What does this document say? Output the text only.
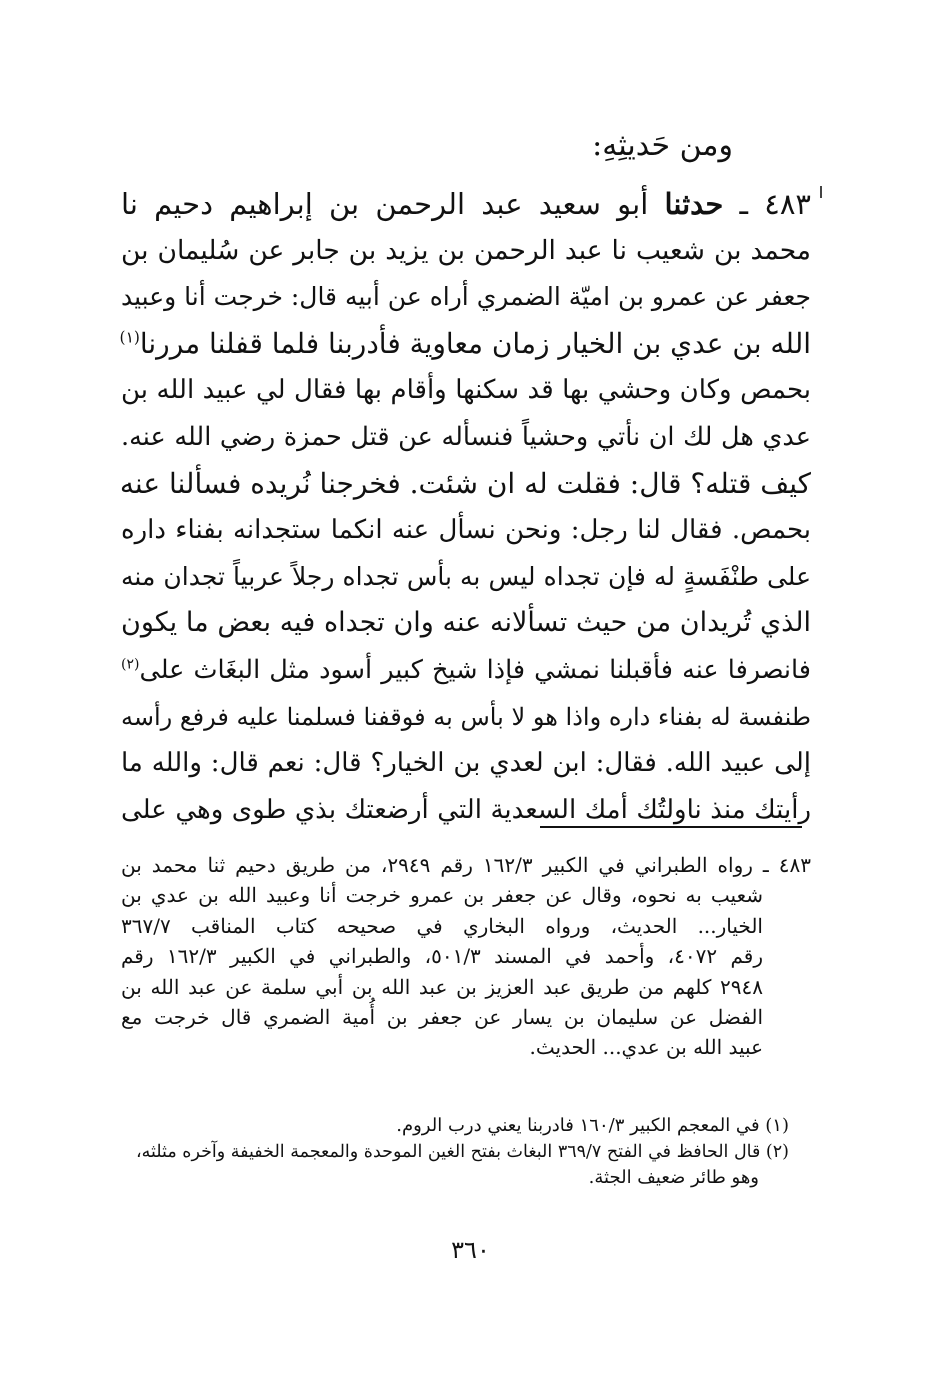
ومن حَديثِهِ:
٤٨٣ ـ حدثنا أبو سعيد عبد الرحمن بن إبراهيم دحيم نا
محمد بن شعيب نا عبد الرحمن بن يزيد بن جابر عن سُليمان بن
جعفر عن عمرو بن اميّة الضمري أراه عن أبيه قال: خرجت أنا وعبيد
الله بن عدي بن الخيار زمان معاوية فأدربنا فلما قفلنا مررنا$^{(١)}$
بحمص وكان وحشي بها قد سكنها وأقام بها فقال لي عبيد الله بن
عدي هل لك ان نأتي وحشياً فنسأله عن قتل حمزة رضي الله عنه.
كيف قتله؟ قال: فقلت له ان شئت. فخرجنا نُريده فسألنا عنه
بحمص. فقال لنا رجل: ونحن نسأل عنه انكما ستجدانه بفناء داره
على طنْفَسةٍ له فإن تجداه ليس به بأس تجداه رجلاً عربياً تجدان منه
الذي تُريدان من حيث تسألانه عنه وان تجداه فيه بعض ما يكون
فانصرفا عنه فأقبلنا نمشي فإذا شيخ كبير أسود مثل البغَاث على$^{(٢)}$
طنفسة له بفناء داره واذا هو لا بأس به فوقفنا فسلمنا عليه فرفع رأسه
إلى عبيد الله. فقال: ابن لعدي بن الخيار؟ قال: نعم قال: والله ما
رأيتك منذ ناولتُك أمك السعدية التي أرضعتك بذي طوى وهي على
٤٨٣ ـ رواه الطبراني في الكبير ١٦٢/٣ رقم ٢٩٤٩، من طريق دحيم ثنا محمد بن
شعيب به نحوه، وقال عن جعفر بن عمرو خرجت أنا وعبيد الله بن عدي بن
الخيار... الحديث، ورواه البخاري في صحيحه كتاب المناقب ٣٦٧/٧
رقم ٤٠٧٢، وأحمد في المسند ٥٠١/٣، والطبراني في الكبير ١٦٢/٣ رقم
٢٩٤٨ كلهم من طريق عبد العزيز بن عبد الله بن أبي سلمة عن عبد الله بن
الفضل عن سليمان بن يسار عن جعفر بن أُمية الضمري قال خرجت مع
عبيد الله بن عدي... الحديث.
(١) في المعجم الكبير ١٦٠/٣ فادربنا يعني درب الروم.
(٢) قال الحافظ في الفتح ٣٦٩/٧ البغاث بفتح الغين الموحدة والمعجمة الخفيفة وآخره مثلثه،
وهو طائر ضعيف الجثة.
٣٦٠
